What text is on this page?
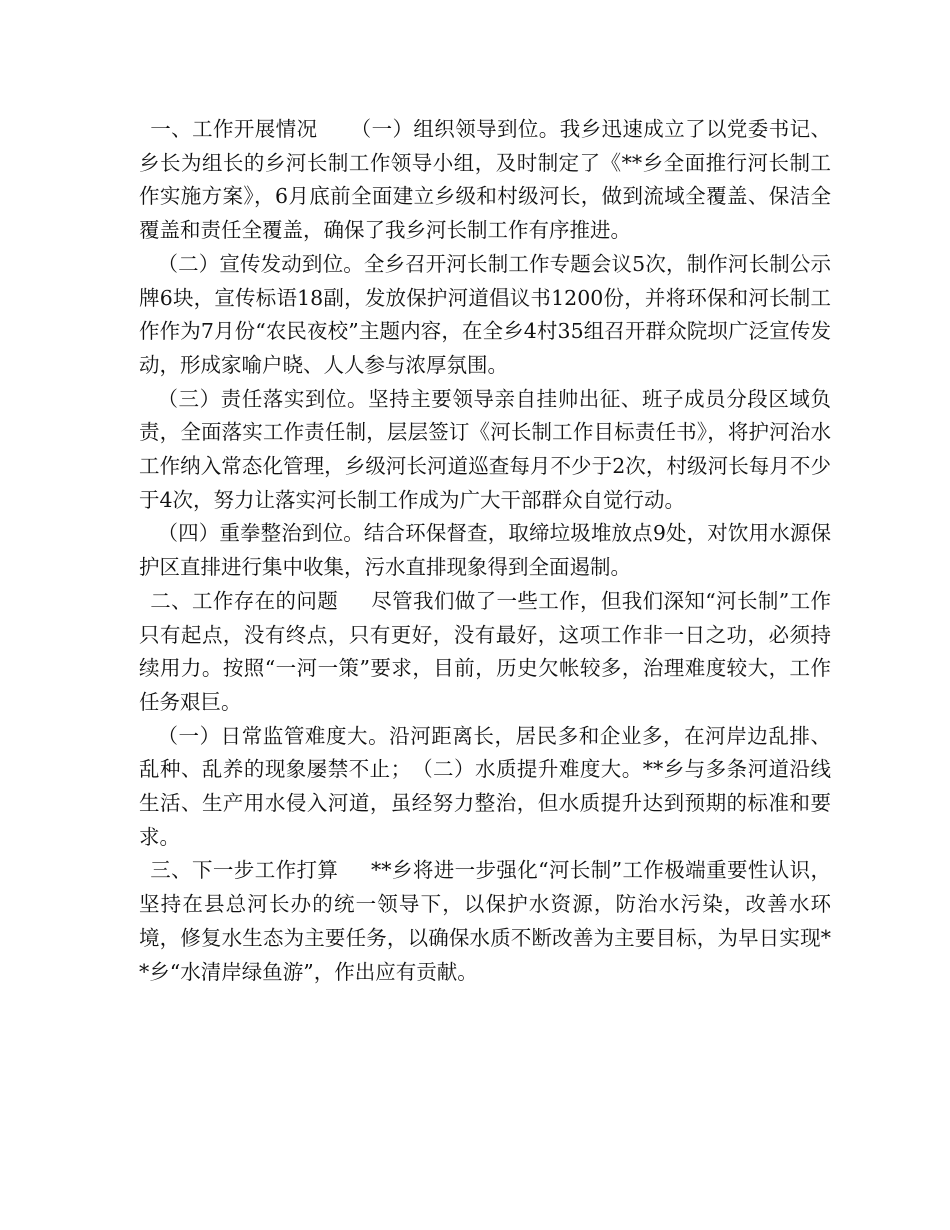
一、工作开展情况 （一）组织领导到位。我乡迅速成立了以党委书记、乡长为组长的乡河长制工作领导小组，及时制定了《**乡全面推行河长制工作实施方案》，6月底前全面建立乡级和村级河长，做到流域全覆盖、保洁全覆盖和责任全覆盖，确保了我乡河长制工作有序推进。

（二）宣传发动到位。全乡召开河长制工作专题会议5次，制作河长制公示牌6块，宣传标语18副，发放保护河道倡议书1200份，并将环保和河长制工作作为7月份“农民夜校”主题内容，在全乡4村35组召开群众院坝广泛宣传发动，形成家喻户晓、人人参与浓厚氛围。

（三）责任落实到位。坚持主要领导亲自挂帅出征、班子成员分段区域负责，全面落实工作责任制，层层签订《河长制工作目标责任书》，将护河治水工作纳入常态化管理，乡级河长河道巡查每月不少于2次，村级河长每月不少于4次，努力让落实河长制工作成为广大干部群众自觉行动。

（四）重拳整治到位。结合环保督查，取缔垃圾堆放点9处，对饮用水源保护区直排进行集中收集，污水直排现象得到全面遏制。

二、工作存在的问题 尽管我们做了一些工作，但我们深知“河长制”工作只有起点，没有终点，只有更好，没有最好，这项工作非一日之功，必须持续用力。按照“一河一策”要求，目前，历史欠帐较多，治理难度较大，工作任务艰巨。

（一）日常监管难度大。沿河距离长，居民多和企业多，在河岸边乱排、乱种、乱养的现象屡禁不止；　（二）水质提升难度大。**乡与多条河道沿线生活、生产用水侵入河道，虽经努力整治，但水质提升达到预期的标准和要求。

三、下一步工作打算 **乡将进一步强化“河长制”工作极端重要性认识，坚持在县总河长办的统一领导下，以保护水资源，防治水污染，改善水环境，修复水生态为主要任务，以确保水质不断改善为主要目标，为早日实现**乡“水清岸绿鱼游”，作出应有贡献。
